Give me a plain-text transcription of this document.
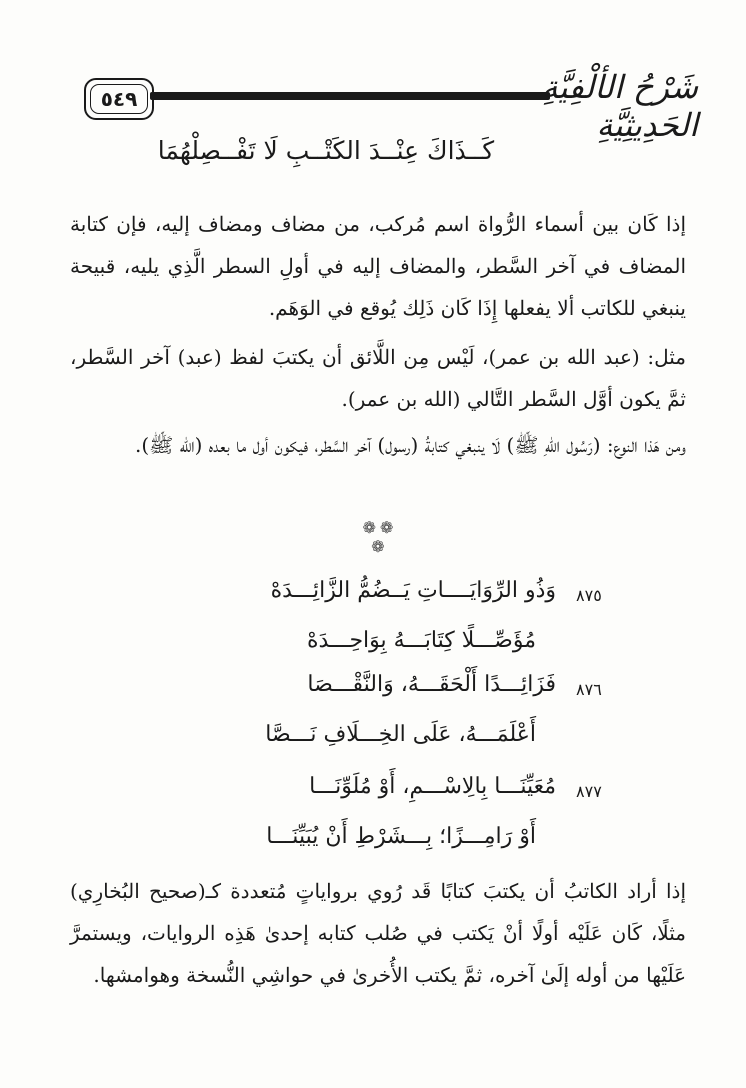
٥٤٩	شَرْحُ الألْفِيَّةِ الحَدِيثِيَّةِ
كَــذَاكَ عِنْــدَ الكَتْــبِ لَا تَفْــصِلْهُمَا
إذا كَان بين أسماء الرُّواة اسم مُركب، من مضاف ومضاف إليه، فإن كتابة المضاف في آخر السَّطر، والمضاف إليه في أولِ السطر الَّذِي يليه، قبيحة ينبغي للكاتب ألا يفعلها إِذَا كَان ذَلِك يُوقع في الوَهَم.
مثل: (عبد الله بن عمر)، لَيْس مِن اللَّائق أن يكتبَ لفظ (عبد) آخر السَّطر، ثمَّ يكون أوَّل السَّطر التَّالي (الله بن عمر).
ومن هَذا النوع: (رَسُول اللهِ ﷺ) لَا ينبغي كتابةُ (رسول) آخر السَّطر، فيكون أول ما بعده (الله ﷺ).
❁ ❁❁
٨٧٥
وَذُو الرِّوَايَــــاتِ يَــضُمُّ الزَّائِـــدَهْ
مُؤَصِّـــلًا كِتَابَـــهُ بِوَاحِـــدَهْ
٨٧٦
فَزَائِـــدًا أَلْحَقَـــهُ، وَالنَّقْـــصَا
أَعْلَمَـــهُ، عَلَى الخِـــلَافِ نَـــصَّا
٨٧٧
مُعَيِّنَـــا بِالِاسْـــمِ، أَوْ مُلَوِّنَـــا
أَوْ رَامِـــزًا؛ بِـــشَرْطِ أَنْ يُبَيِّنَـــا
إذا أراد الكاتبُ أن يكتبَ كتابًا قَد رُوي برواياتٍ مُتعددة كـ(صحيح البُخارِي) مثلًا، كَان عَلَيْه أولًا أنْ يَكتب في صُلب كتابه إحدىٰ هَذِه الروايات، ويستمرَّ عَلَيْها من أوله إلَىٰ آخره، ثمَّ يكتب الأُخرىٰ في حواشِي النُّسخة وهوامشها.
